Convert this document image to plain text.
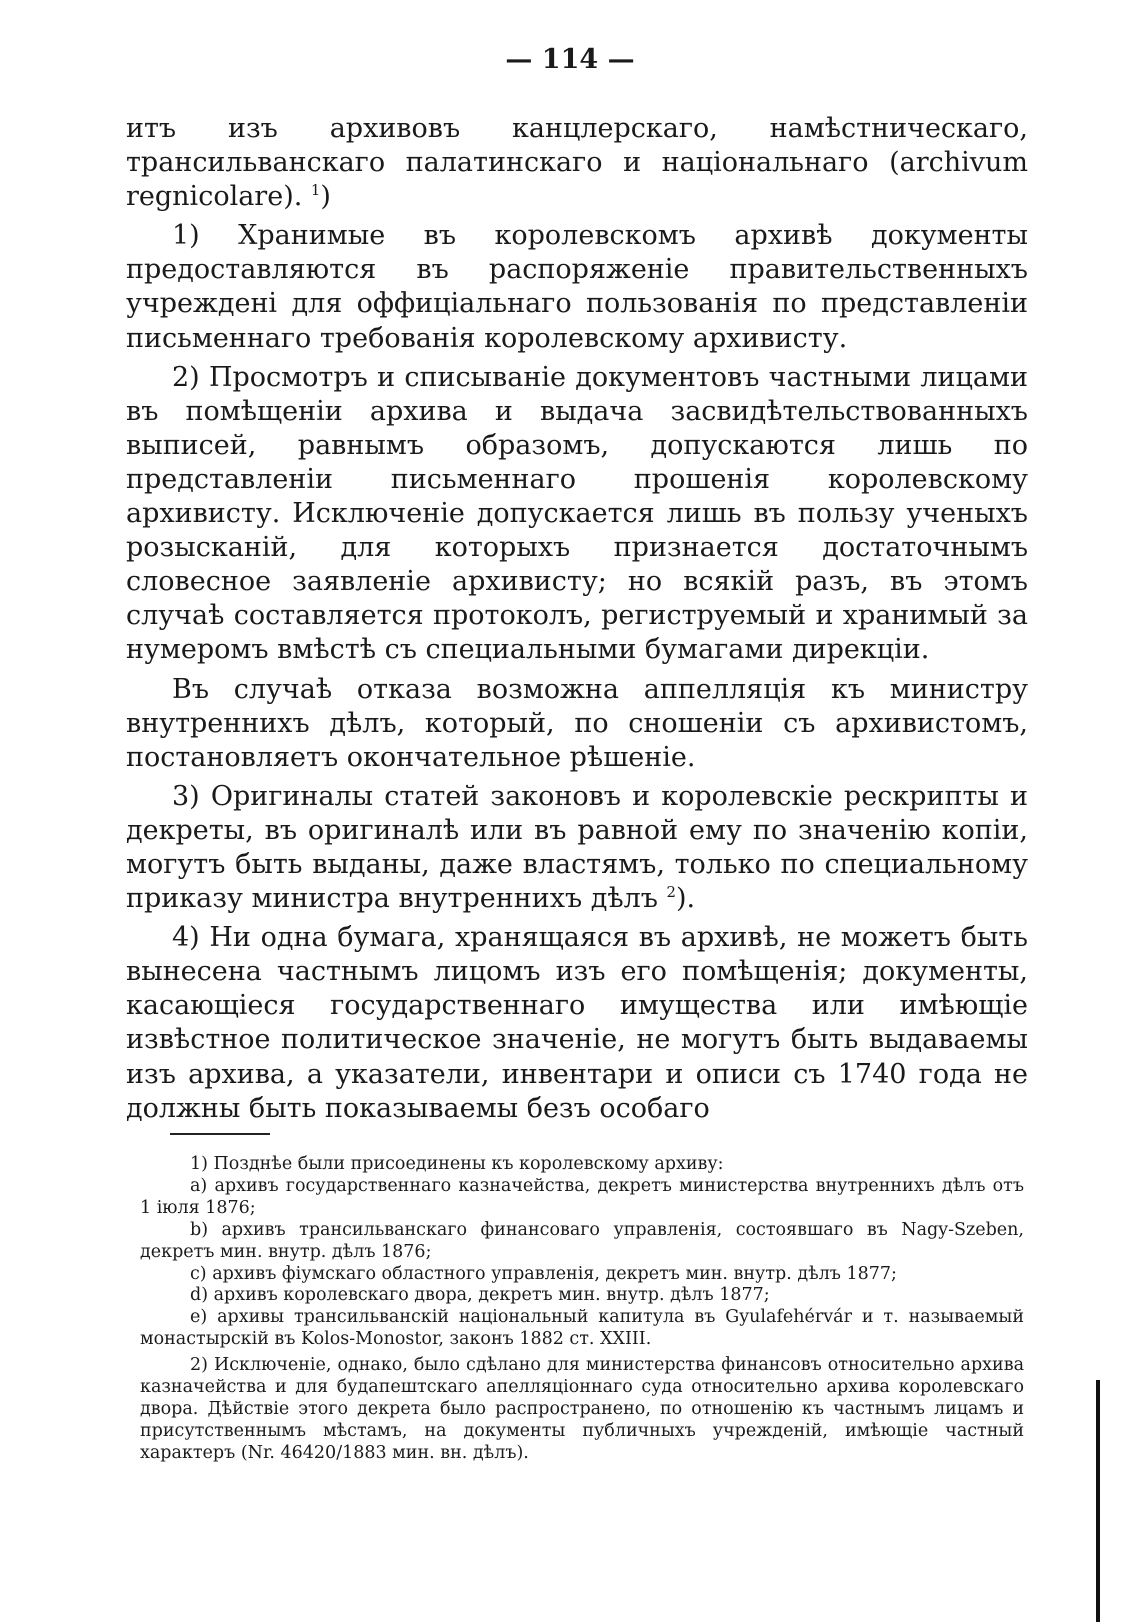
— 114 —

итъ изъ архивовъ канцлерскаго, намѣстническаго, трансильванскаго палатинскаго и національнаго (archivum regnicolare). $^1$)

1) Хранимые въ королевскомъ архивѣ документы предоставляются въ распоряженіе правительственныхъ учрежденi для оффиціальнаго пользованія по представленіи письменнаго требованія королевскому архивисту.

2) Просмотръ и списываніе документовъ частными лицами въ помѣщеніи архива и выдача засвидѣтельствованныхъ выписей, равнымъ образомъ, допускаются лишь по представленіи письменнаго прошенія королевскому архивисту. Исключеніе допускается лишь въ пользу ученыхъ розысканій, для которыхъ признается достаточнымъ словесное заявленіе архивисту; но всякій разъ, въ этомъ случаѣ составляется протоколъ, региструемый и хранимый за нумеромъ вмѣстѣ съ специальными бумагами дирекціи.

Въ случаѣ отказа возможна аппелляція къ министру внутреннихъ дѣлъ, который, по сношеніи съ архивистомъ, постановляетъ окончательное рѣшеніе.

3) Оригиналы статей законовъ и королевскіе рескрипты и декреты, въ оригиналѣ или въ равной ему по значенію копіи, могутъ быть выданы, даже властямъ, только по специальному приказу министра внутреннихъ дѣлъ $^2$).

4) Ни одна бумага, хранящаяся въ архивѣ, не можетъ быть вынесена частнымъ лицомъ изъ его помѣщенія; документы, касающіеся государственнаго имущества или имѣющіе извѣстное политическое значеніе, не могутъ быть выдаваемы изъ архива, а указатели, инвентари и описи съ 1740 года не должны быть показываемы безъ особаго

1) Позднѣе были присоединены къ королевскому архиву:

a) архивъ государственнаго казначейства, декретъ министерства внутреннихъ дѣлъ отъ 1 іюля 1876;

b) архивъ трансильванскаго финансоваго управленія, состоявшаго въ Nagy-Szeben, декретъ мин. внутр. дѣлъ 1876;

c) архивъ фіумскаго областного управленія, декретъ мин. внутр. дѣлъ 1877;

d) архивъ королевскаго двора, декретъ мин. внутр. дѣлъ 1877;

e) архивы трансильванскій національный капитула въ Gyulafehérvár и т. называемый монастырскій въ Kolos-Monostor, законъ 1882 ст. XXIII.

2) Исключеніе, однако, было сдѣлано для министерства финансовъ относительно архива казначейства и для будапештскаго апелляціоннаго суда относительно архива королевскаго двора. Дѣйствіе этого декрета было распространено, по отношенію къ частнымъ лицамъ и присутственнымъ мѣстамъ, на документы публичныхъ учрежденій, имѣющіе частный характеръ (Nr. 46420/1883 мин. вн. дѣлъ).
